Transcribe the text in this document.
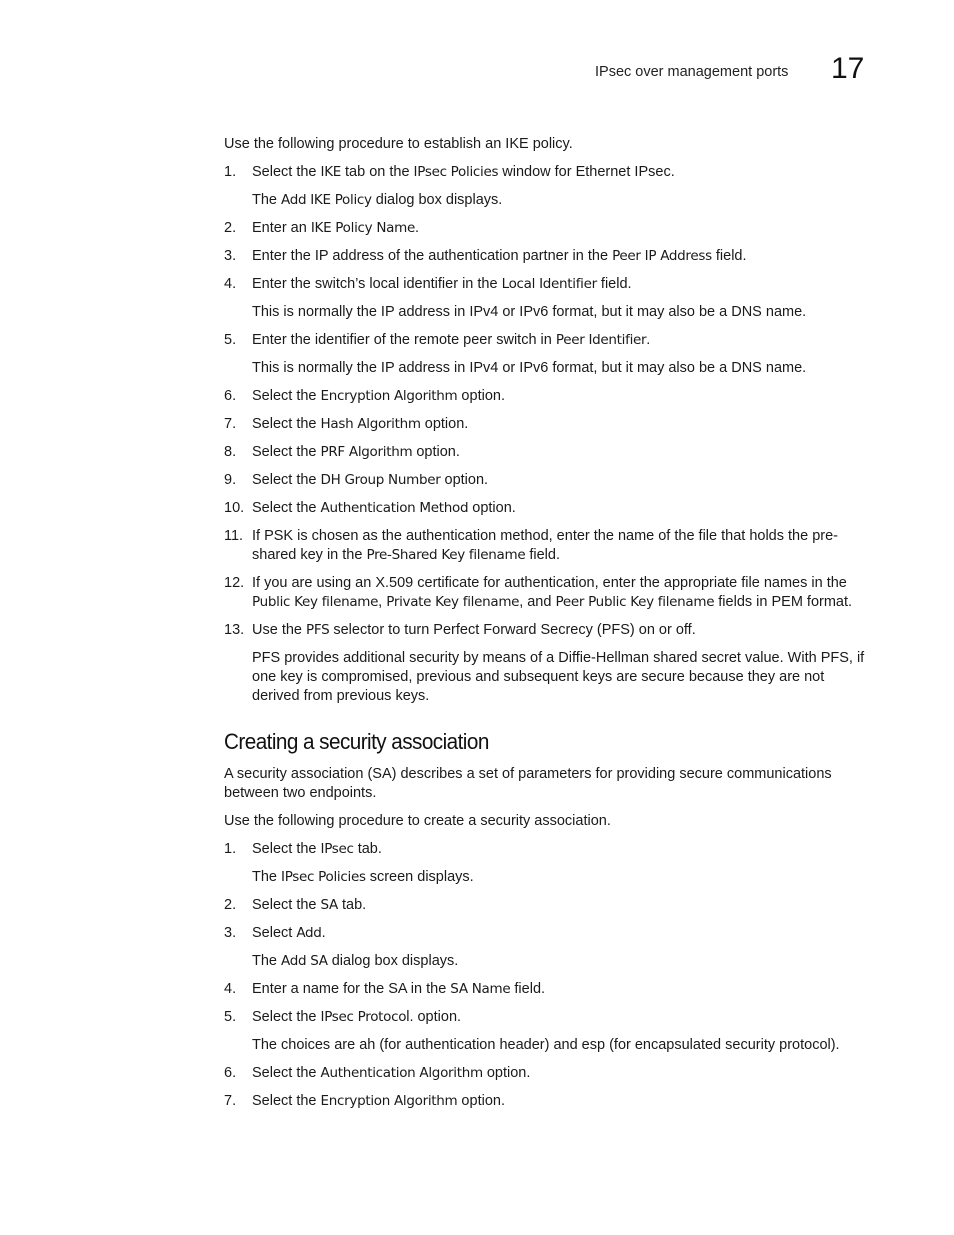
IPsec over management ports 17

Use the following procedure to establish an IKE policy.

1. Select the IKE tab on the IPsec Policies window for Ethernet IPsec.

The Add IKE Policy dialog box displays.

2. Enter an IKE Policy Name.
3. Enter the IP address of the authentication partner in the Peer IP Address field.
4. Enter the switch’s local identifier in the Local Identifier field.

This is normally the IP address in IPv4 or IPv6 format, but it may also be a DNS name.

5. Enter the identifier of the remote peer switch in Peer Identifier.

This is normally the IP address in IPv4 or IPv6 format, but it may also be a DNS name.

6. Select the Encryption Algorithm option.
7. Select the Hash Algorithm option.
8. Select the PRF Algorithm option.
9. Select the DH Group Number option.
10. Select the Authentication Method option.
11. If PSK is chosen as the authentication method, enter the name of the file that holds the pre-shared key in the Pre-Shared Key filename field.
12. If you are using an X.509 certificate for authentication, enter the appropriate file names in the Public Key filename, Private Key filename, and Peer Public Key filename fields in PEM format.
13. Use the PFS selector to turn Perfect Forward Secrecy (PFS) on or off.

PFS provides additional security by means of a Diffie-Hellman shared secret value. With PFS, if one key is compromised, previous and subsequent keys are secure because they are not derived from previous keys.

Creating a security association

A security association (SA) describes a set of parameters for providing secure communications between two endpoints.

Use the following procedure to create a security association.

1. Select the IPsec tab.

The IPsec Policies screen displays.

2. Select the SA tab.
3. Select Add.

The Add SA dialog box displays.

4. Enter a name for the SA in the SA Name field.
5. Select the IPsec Protocol. option.

The choices are ah (for authentication header) and esp (for encapsulated security protocol).

6. Select the Authentication Algorithm option.
7. Select the Encryption Algorithm option.
